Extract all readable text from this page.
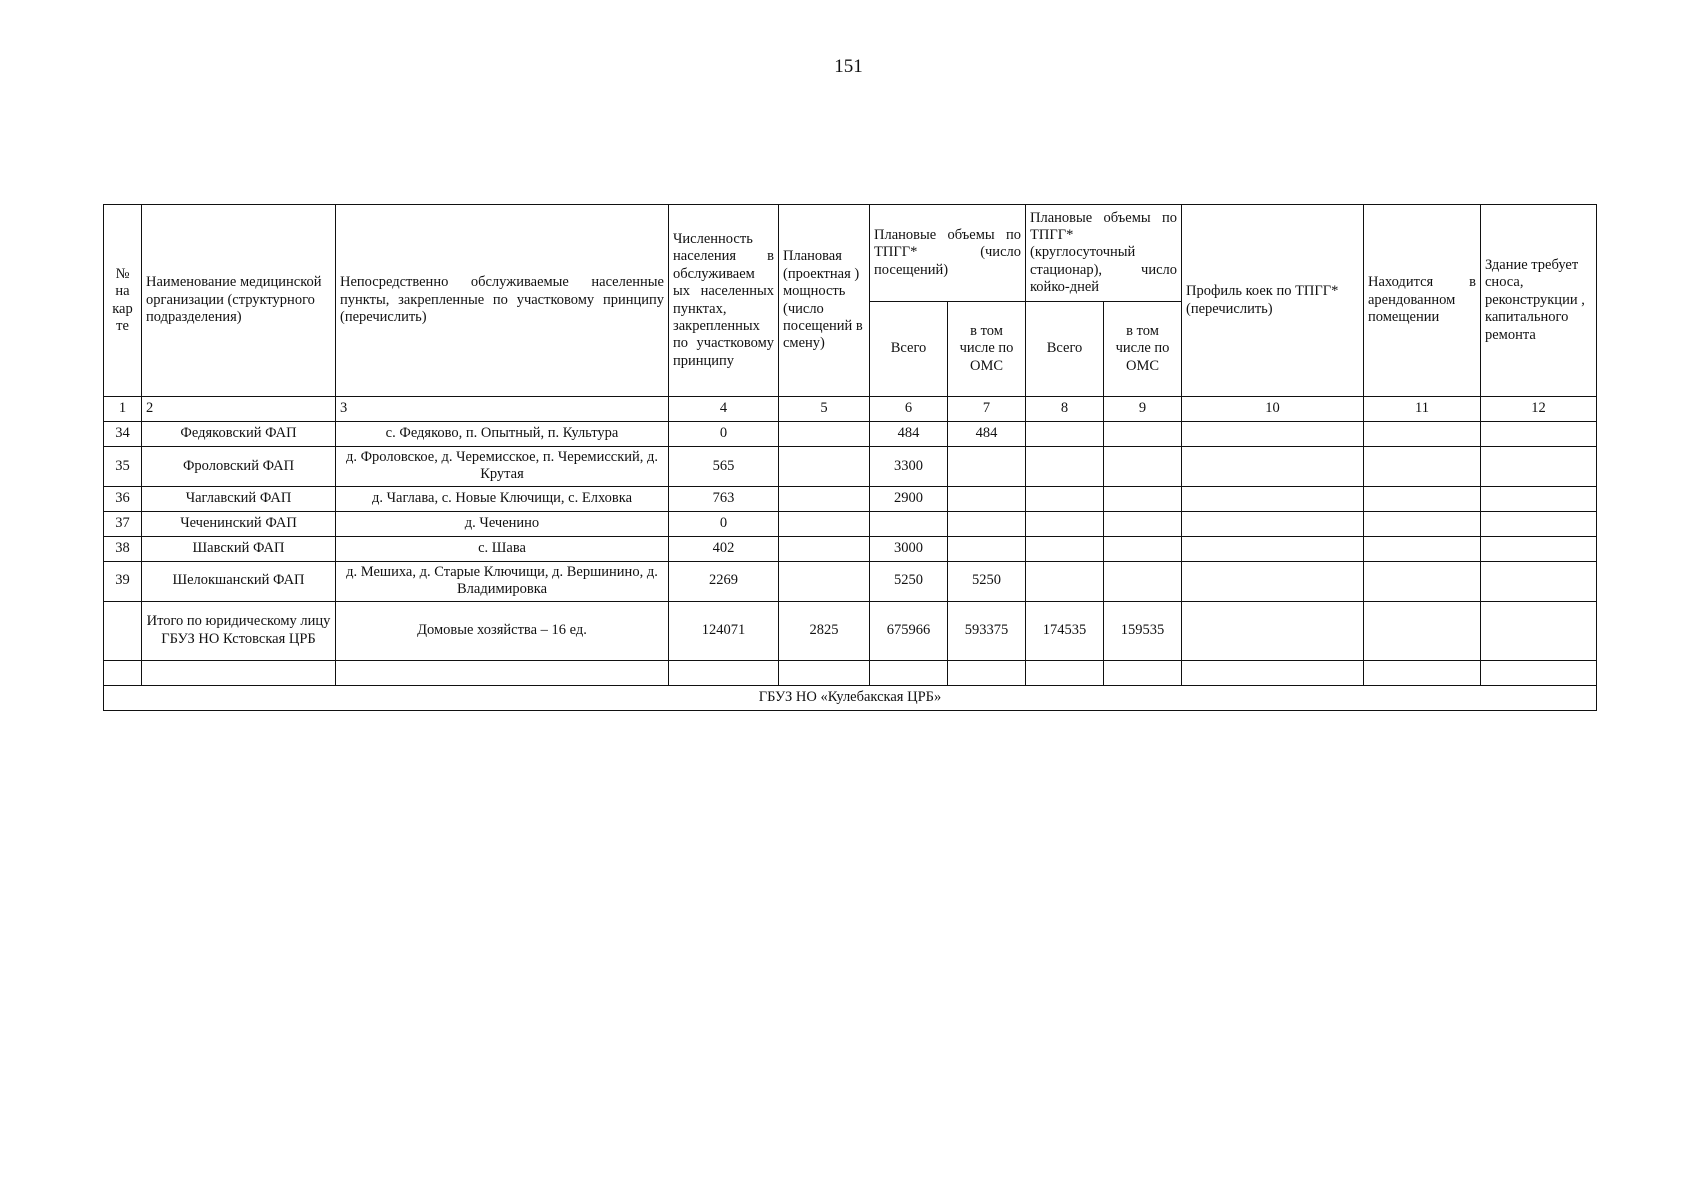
151
№ на кар те	Наименование медицинской организации (структурного подразделения)	Непосредственно обслуживаемые населенные пункты, закрепленные по участковому принципу (перечислить)	Численность населения в обслуживаем ых населенных пунктах, закрепленных по участковому принципу	Плановая (проектная ) мощность (число посещений в смену)	Плановые объемы по ТПГГ* (число посещений)		Плановые объемы по ТПГГ* (круглосуточный стационар), число койко-дней		Профиль коек по ТПГГ* (перечислить)	Находится в арендованном помещении	Здание требует сноса, реконструкции , капитального ремонта
					Всего	в том числе по ОМС	Всего	в том числе по ОМС			
1	2	3	4	5	6	7	8	9	10	11	12
34	Федяковский ФАП	с. Федяково, п. Опытный, п. Культура	0		484	484					
35	Фроловский ФАП	д. Фроловское, д. Черемисское, п. Черемисский, д. Крутая	565		3300						
36	Чаглавский ФАП	д. Чаглава, с. Новые Ключищи, с. Елховка	763		2900						
37	Чеченинский ФАП	д. Чеченино	0								
38	Шавский ФАП	с. Шава	402		3000						
39	Шелокшанский ФАП	д. Мешиха, д. Старые Ключищи, д. Вершинино, д. Владимировка	2269		5250	5250					
	Итого по юридическому лицу ГБУЗ НО Кстовская ЦРБ	Домовые хозяйства – 16 ед.	124071	2825	675966	593375	174535	159535			

ГБУЗ НО «Кулебакская ЦРБ»											
